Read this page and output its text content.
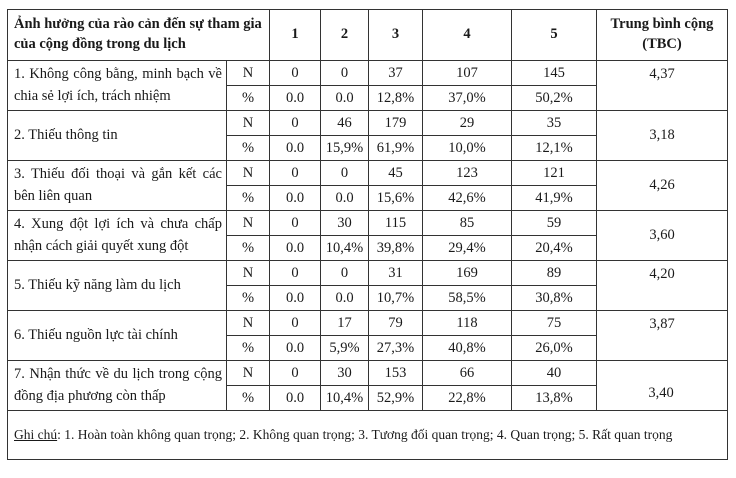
Ảnh hưởng của rào cản đến sự tham gia của cộng đồng trong du lịch		1	2	3	4	5	Trung bình cộng
(TBC)

1. Không công bằng, minh bạch về chia sẻ lợi ích, trách nhiệm	N	0	0	37	107	145	4,37

	%	0.0	0.0	12,8%	37,0%	50,2%	
2. Thiếu thông tin	N	0	46	179	29	35	3,18

	%	0.0	15,9%	61,9%	10,0%	12,1%	
3. Thiếu đối thoại và gắn kết các bên liên quan	N	0	0	45	123	121	4,26

	%	0.0	0.0	15,6%	42,6%	41,9%	
4. Xung đột lợi ích và chưa chấp nhận cách giải quyết xung đột	N	0	30	115	85	59	3,60

	%	0.0	10,4%	39,8%	29,4%	20,4%	
5. Thiếu kỹ năng làm du lịch	N	0	0	31	169	89	4,20

	%	0.0	0.0	10,7%	58,5%	30,8%	
6. Thiếu nguồn lực tài chính	N	0	17	79	118	75	3,87

	%	0.0	5,9%	27,3%	40,8%	26,0%	
7. Nhận thức về du lịch trong cộng đồng địa phương còn thấp	N	0	30	153	66	40	3,40

	%	0.0	10,4%	52,9%	22,8%	13,8%	
Ghi chú: 1. Hoàn toàn không quan trọng; 2. Không quan trọng; 3. Tương đối quan trọng; 4. Quan trọng; 5. Rất quan trọng							
